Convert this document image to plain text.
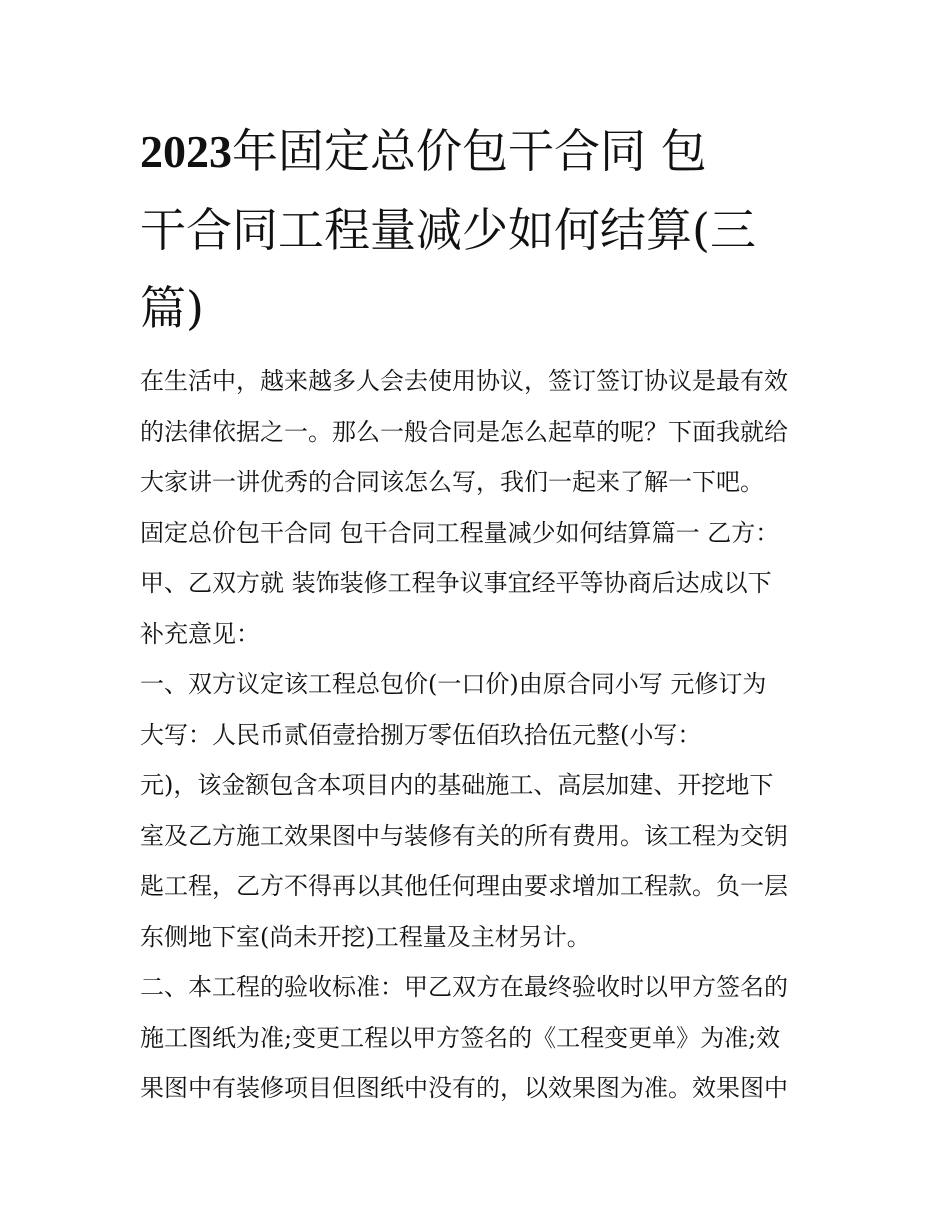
2023年固定总价包干合同 包
干合同工程量减少如何结算(三
篇)
在生活中，越来越多人会去使用协议，签订签订协议是最有效
的法律依据之一。那么一般合同是怎么起草的呢？下面我就给
大家讲一讲优秀的合同该怎么写，我们一起来了解一下吧。
固定总价包干合同 包干合同工程量减少如何结算篇一 乙方：
甲、乙双方就 装饰装修工程争议事宜经平等协商后达成以下
补充意见：
一、双方议定该工程总包价(一口价)由原合同小写 元修订为
大写：人民币贰佰壹拾捌万零伍佰玖拾伍元整(小写：
元)，该金额包含本项目内的基础施工、高层加建、开挖地下
室及乙方施工效果图中与装修有关的所有费用。该工程为交钥
匙工程，乙方不得再以其他任何理由要求增加工程款。负一层
东侧地下室(尚未开挖)工程量及主材另计。
二、本工程的验收标准：甲乙双方在最终验收时以甲方签名的
施工图纸为准;变更工程以甲方签名的《工程变更单》为准;效
果图中有装修项目但图纸中没有的，以效果图为准。效果图中
